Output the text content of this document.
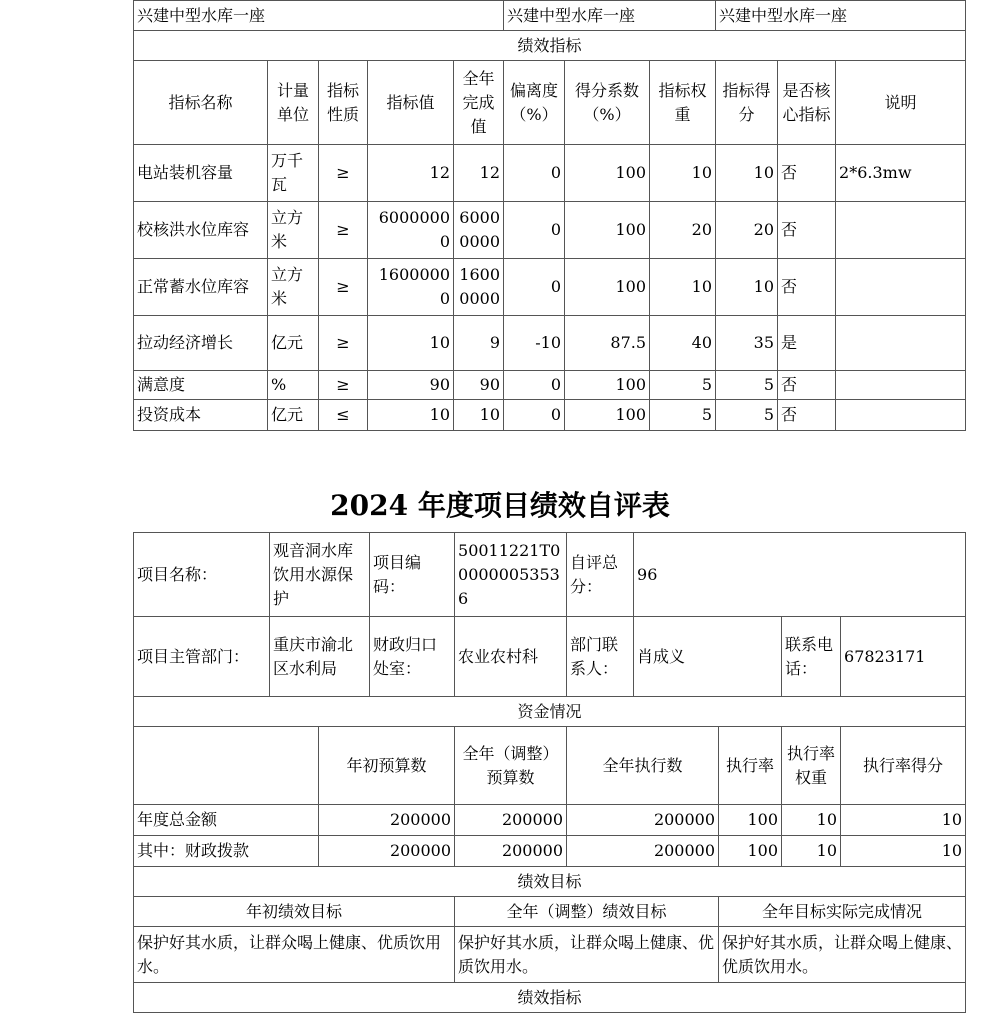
兴建中型水库一座					兴建中型水库一座			兴建中型水库一座		
绩效指标										
指标名称	计量单位	指标性质	指标值	全年完成值	偏离度（%）	得分系数（%）	指标权重	指标得分	是否核心指标	说明
电站装机容量	万千瓦	≥	12	12	0	100	10	10	否	2*6.3mw
校核洪水位库容	立方米	≥	60000000	60000000	0	100	20	20	否	
正常蓄水位库容	立方米	≥	16000000	16000000	0	100	10	10	否	
拉动经济增长	亿元	≥	10	9	-10	87.5	40	35	是	
满意度	%	≥	90	90	0	100	5	5	否	
投资成本	亿元	≤	10	10	0	100	5	5	否	
2024 年度项目绩效自评表
项目名称：	观音洞水库饮用水源保护		项目编码：	50011221T000000053536	自评总分：	96			
项目主管部门：	重庆市渝北区水利局		财政归口处室：	农业农村科	部门联系人：	肖成义		联系电话：	67823171
资金情况									
		年初预算数		全年（调整）预算数	全年执行数		执行率	执行率权重	执行率得分
年度总金额		200000		200000	200000		100	10	10
其中：财政拨款		200000		200000	200000		100	10	10
绩效目标									
年初绩效目标				全年（调整）绩效目标			全年目标实际完成情况		
保护好其水质，让群众喝上健康、优质饮用水。				保护好其水质，让群众喝上健康、优质饮用水。			保护好其水质，让群众喝上健康、优质饮用水。		
绩效指标									
